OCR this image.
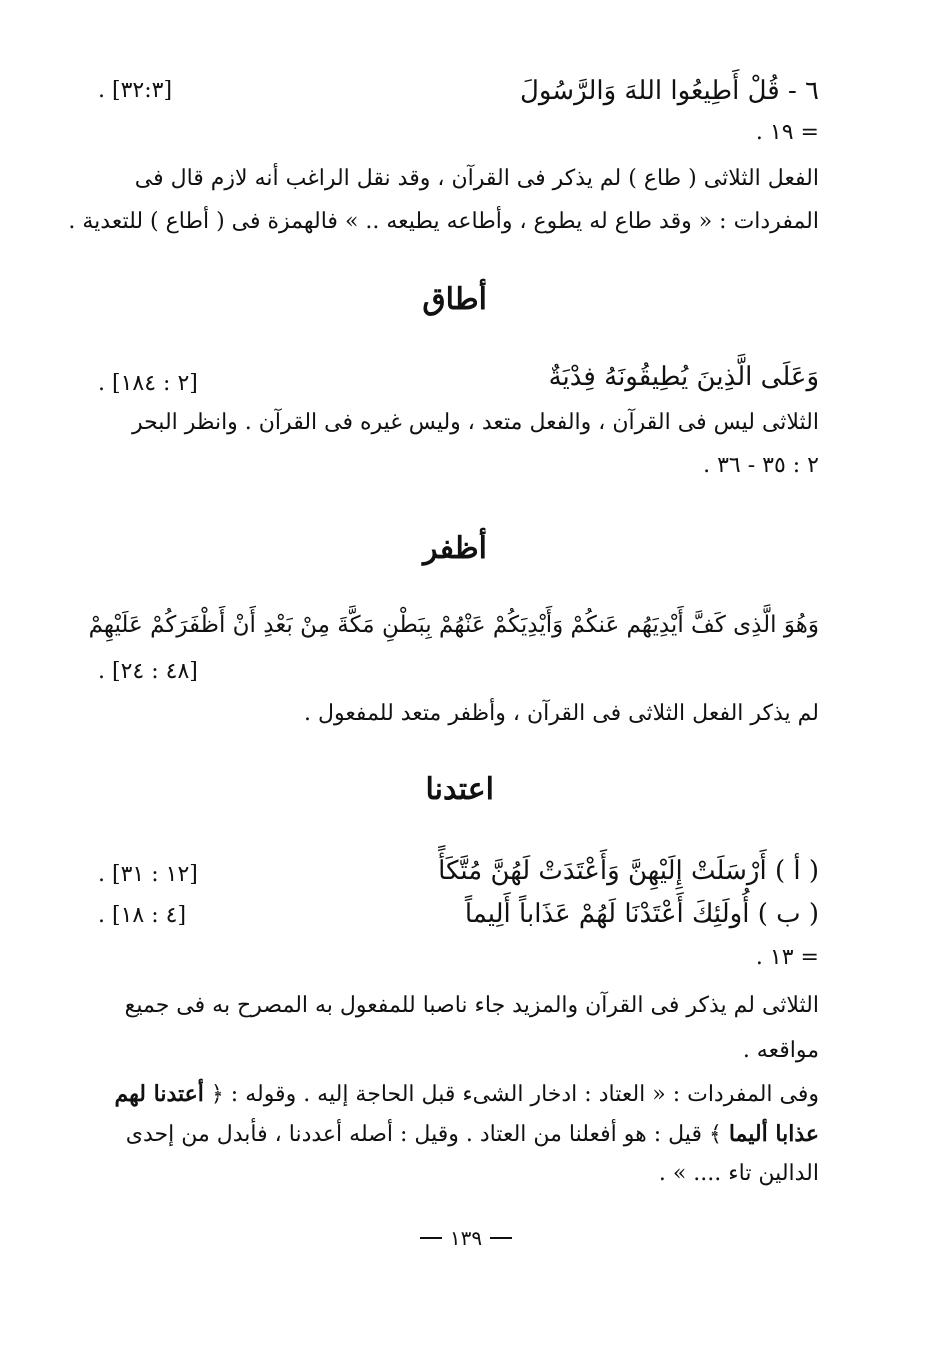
٦ - قُلْ أَطِيعُوا اللهَ وَالرَّسُولَ
[٣٢:٣] .
= ١٩ .
الفعل الثلاثى ( طاع ) لم يذكر فى القرآن ، وقد نقل الراغب أنه لازم قال فى
المفردات : « وقد طاع له يطوع ، وأطاعه يطيعه .. » فالهمزة فى ( أطاع ) للتعدية .
أطاق
وَعَلَى الَّذِينَ يُطِيقُونَهُ فِدْيَةٌ
[٢ : ١٨٤] .
الثلاثى ليس فى القرآن ، والفعل متعد ، وليس غيره فى القرآن . وانظر البحر
٢ : ٣٥ - ٣٦ .
أظفر
وَهُوَ الَّذِى كَفَّ أَيْدِيَهُم عَنكُمْ وَأَيْدِيَكُمْ عَنْهُمْ بِبَطْنِ مَكَّةَ مِنْ بَعْدِ أَنْ أَظْفَرَكُمْ عَلَيْهِمْ
[٤٨ : ٢٤] .
لم يذكر الفعل الثلاثى فى القرآن ، وأظفر متعد للمفعول .
اعتدنا
( أ ) أَرْسَلَتْ إِلَيْهِنَّ وَأَعْتَدَتْ لَهُنَّ مُتَّكَأً
[١٢ : ٣١] .
( ب ) أُولَئِكَ أَعْتَدْنَا لَهُمْ عَذَاباً أَلِيماً
[٤ : ١٨] .
= ١٣ .
الثلاثى لم يذكر فى القرآن والمزيد جاء ناصبا للمفعول به المصرح به فى جميع
مواقعه .
وفى المفردات : « العتاد : ادخار الشىء قبل الحاجة إليه . وقوله : ﴿ أعتدنا لهم
عذابا أليما ﴾ قيل : هو أفعلنا من العتاد . وقيل : أصله أعددنا ، فأبدل من إحدى
الدالين تاء .... » .
١٣٩
